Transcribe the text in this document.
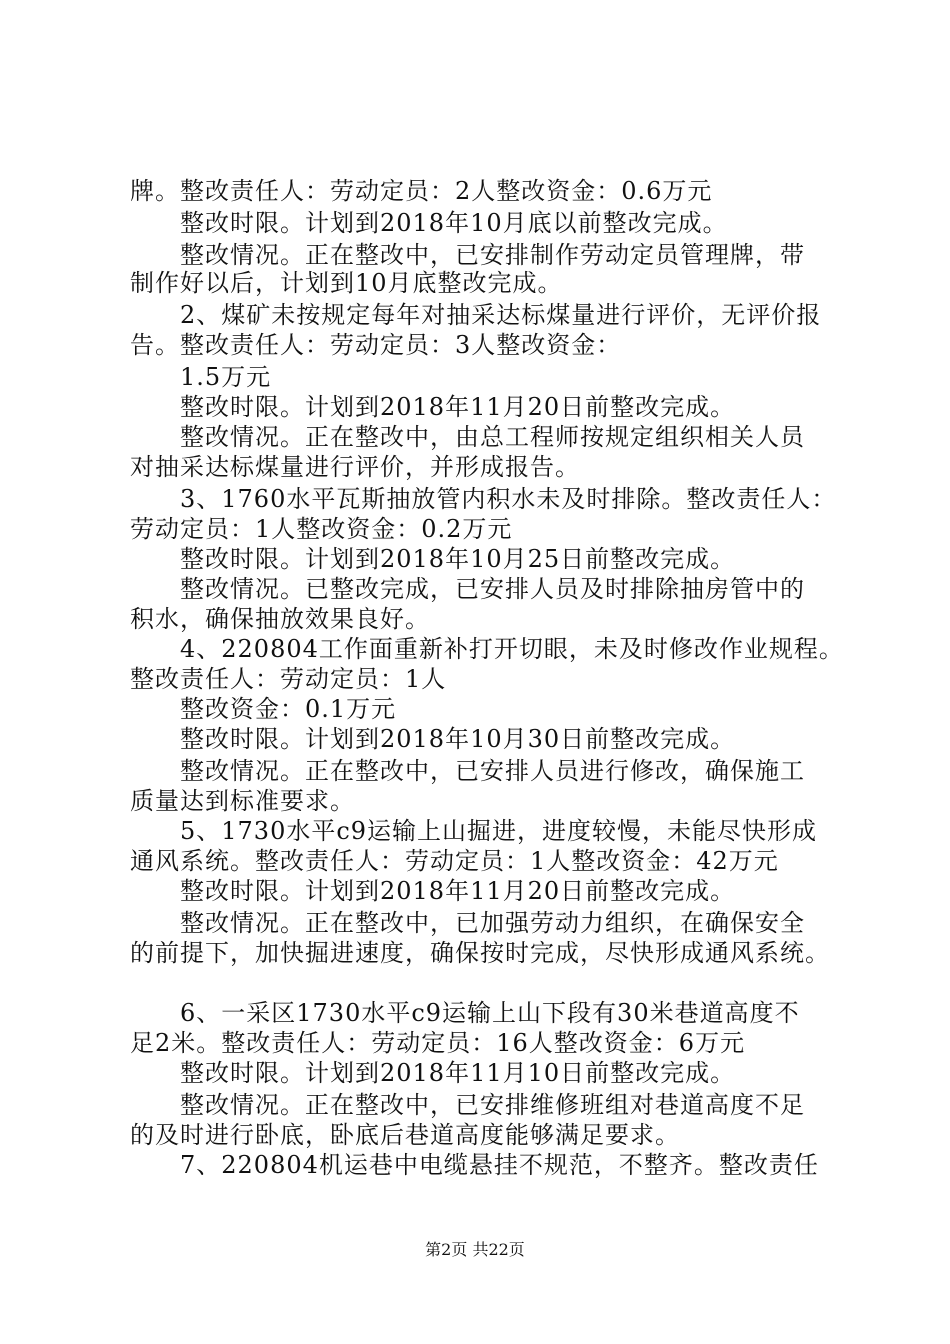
牌。整改责任人：劳动定员：2人整改资金：0.6万元
整改时限。计划到2018年10月底以前整改完成。
整改情况。正在整改中，已安排制作劳动定员管理牌，带
制作好以后，计划到10月底整改完成。
2、煤矿未按规定每年对抽采达标煤量进行评价，无评价报
告。整改责任人：劳动定员：3人整改资金：
1.5万元
整改时限。计划到2018年11月20日前整改完成。
整改情况。正在整改中，由总工程师按规定组织相关人员
对抽采达标煤量进行评价，并形成报告。
3、1760水平瓦斯抽放管内积水未及时排除。整改责任人：
劳动定员：1人整改资金：0.2万元
整改时限。计划到2018年10月25日前整改完成。
整改情况。已整改完成，已安排人员及时排除抽房管中的
积水，确保抽放效果良好。
4、220804工作面重新补打开切眼，未及时修改作业规程。
整改责任人：劳动定员：1人
整改资金：0.1万元
整改时限。计划到2018年10月30日前整改完成。
整改情况。正在整改中，已安排人员进行修改，确保施工
质量达到标准要求。
5、1730水平c9运输上山掘进，进度较慢，未能尽快形成
通风系统。整改责任人：劳动定员：1人整改资金：42万元
整改时限。计划到2018年11月20日前整改完成。
整改情况。正在整改中，已加强劳动力组织，在确保安全
的前提下，加快掘进速度，确保按时完成，尽快形成通风系统。
6、一采区1730水平c9运输上山下段有30米巷道高度不
足2米。整改责任人：劳动定员：16人整改资金：6万元
整改时限。计划到2018年11月10日前整改完成。
整改情况。正在整改中，已安排维修班组对巷道高度不足
的及时进行卧底，卧底后巷道高度能够满足要求。
7、220804机运巷中电缆悬挂不规范，不整齐。整改责任
第2页 共22页
